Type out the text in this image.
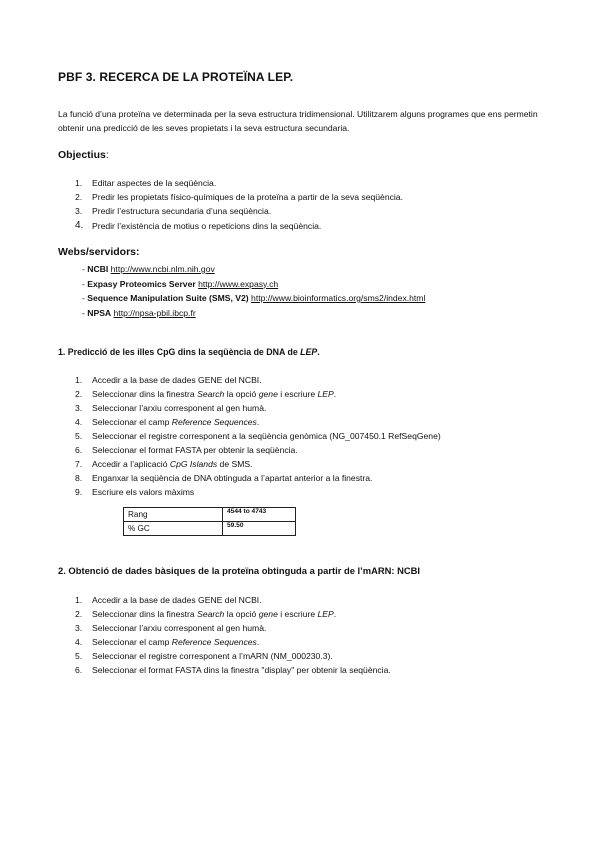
PBF 3. RECERCA DE LA PROTEÏNA LEP.
La funció d’una proteïna ve determinada per la seva estructura tridimensional. Utilitzarem alguns programes que ens permetin obtenir una predicció de les seves propietats i la seva estructura secundaria.
Objectius:
1.	Editar aspectes de la seqüència.
2.	Predir les propietats físico-químiques de la proteïna a partir de la seva seqüència.
3.	Predir l’estructura secundaria d’una seqüència.
4.	Predir l’existència de motius o repeticions dins la seqüència.
Webs/servidors:
- NCBI http://www.ncbi.nlm.nih.gov
- Expasy Proteomics Server http://www.expasy.ch
- Sequence Manipulation Suite (SMS, V2) http://www.bioinformatics.org/sms2/index.html
- NPSA http://npsa-pbil.ibcp.fr
1. Predicció de les illes CpG dins la seqüència de DNA de LEP.
1.	Accedir a la base de dades GENE del NCBI.
2.	Seleccionar dins la finestra Search la opció gene i escriure LEP.
3.	Seleccionar l’arxiu corresponent al gen humà.
4.	Seleccionar el camp Reference Sequences.
5.	Seleccionar el registre corresponent a la seqüència genòmica (NG_007450.1 RefSeqGene)
6.	Seleccionar el format FASTA per obtenir la seqüència.
7.	Accedir a l’aplicació CpG Islands de SMS.
8.	Enganxar la seqüència de DNA obtinguda a l’apartat anterior a la finestra.
9.	Escriure els valors màxims
Rang	4544 to 4743
% GC	59.50
2. Obtenció de dades bàsiques de la proteïna obtinguda a partir de l’mARN: NCBI
1.	Accedir a la base de dades GENE del NCBI.
2.	Seleccionar dins la finestra Search la opció gene i escriure LEP.
3.	Seleccionar l’arxiu corresponent al gen humà.
4.	Seleccionar el camp Reference Sequences.
5.	Seleccionar el registre corresponent a l’mARN (NM_000230.3).
6.	Seleccionar el format FASTA dins la finestra "display" per obtenir la seqüència.
